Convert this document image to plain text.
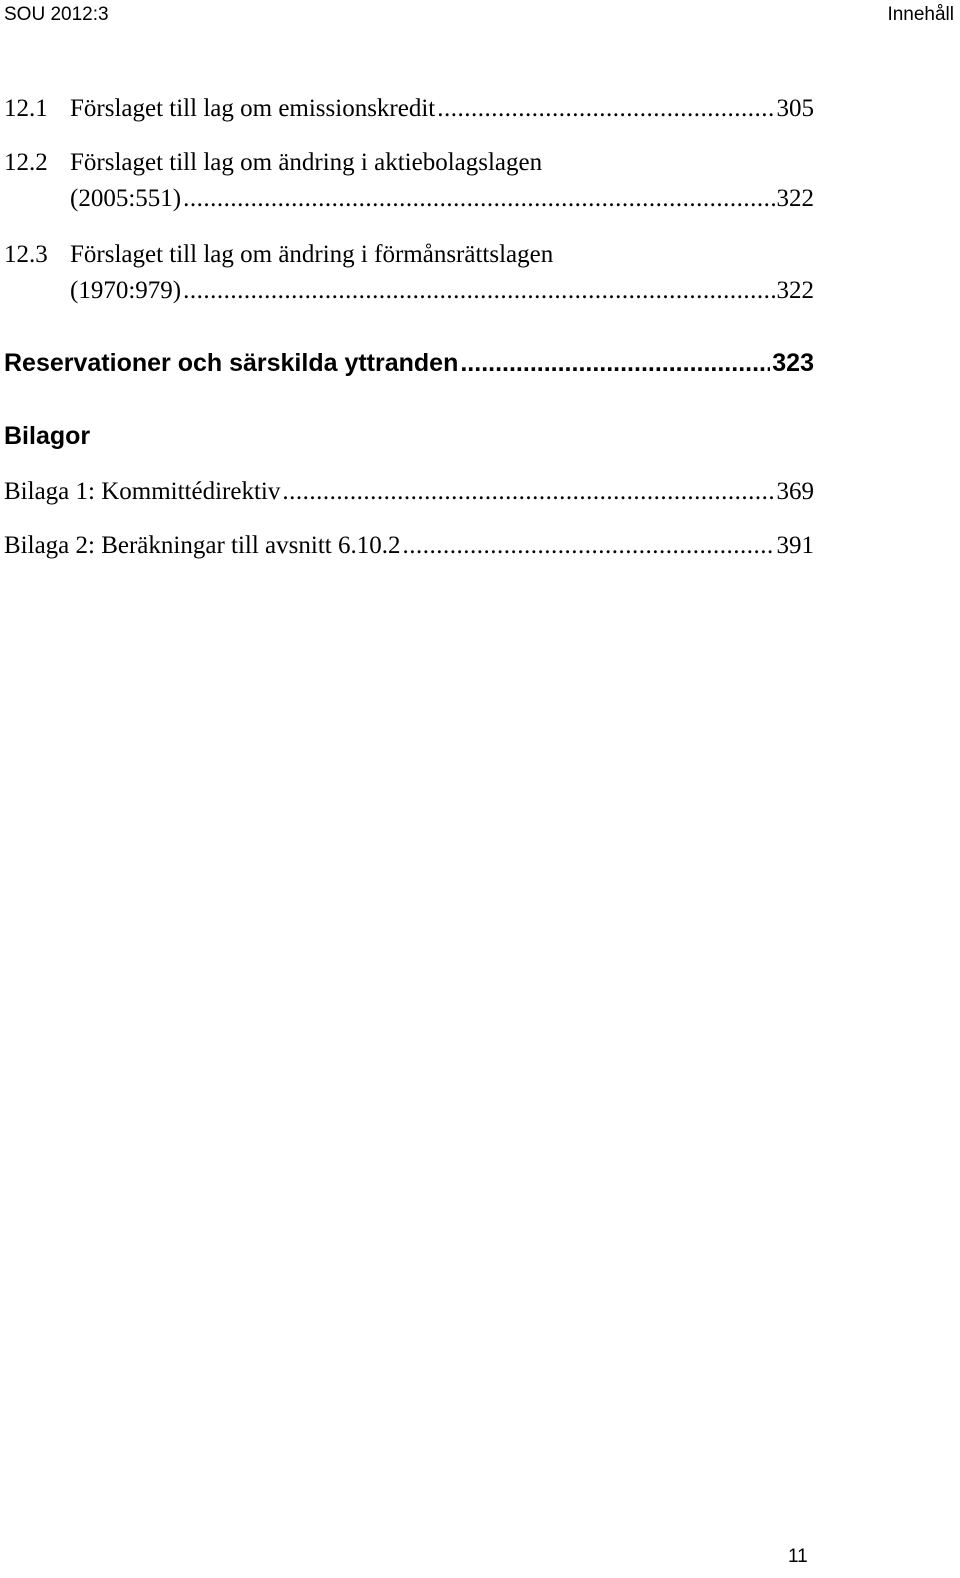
SOU 2012:3	Innehåll
12.1 Förslaget till lag om emissionskredit .....	305
12.2 Förslaget till lag om ändring i aktiebolagslagen
(2005:551) .....	322
12.3 Förslaget till lag om ändring i förmånsrättslagen
(1970:979) .....	322
Reservationer och särskilda yttranden .....	323
Bilagor
Bilaga 1: Kommittédirektiv .....	369
Bilaga 2: Beräkningar till avsnitt 6.10.2 .....	391
11
